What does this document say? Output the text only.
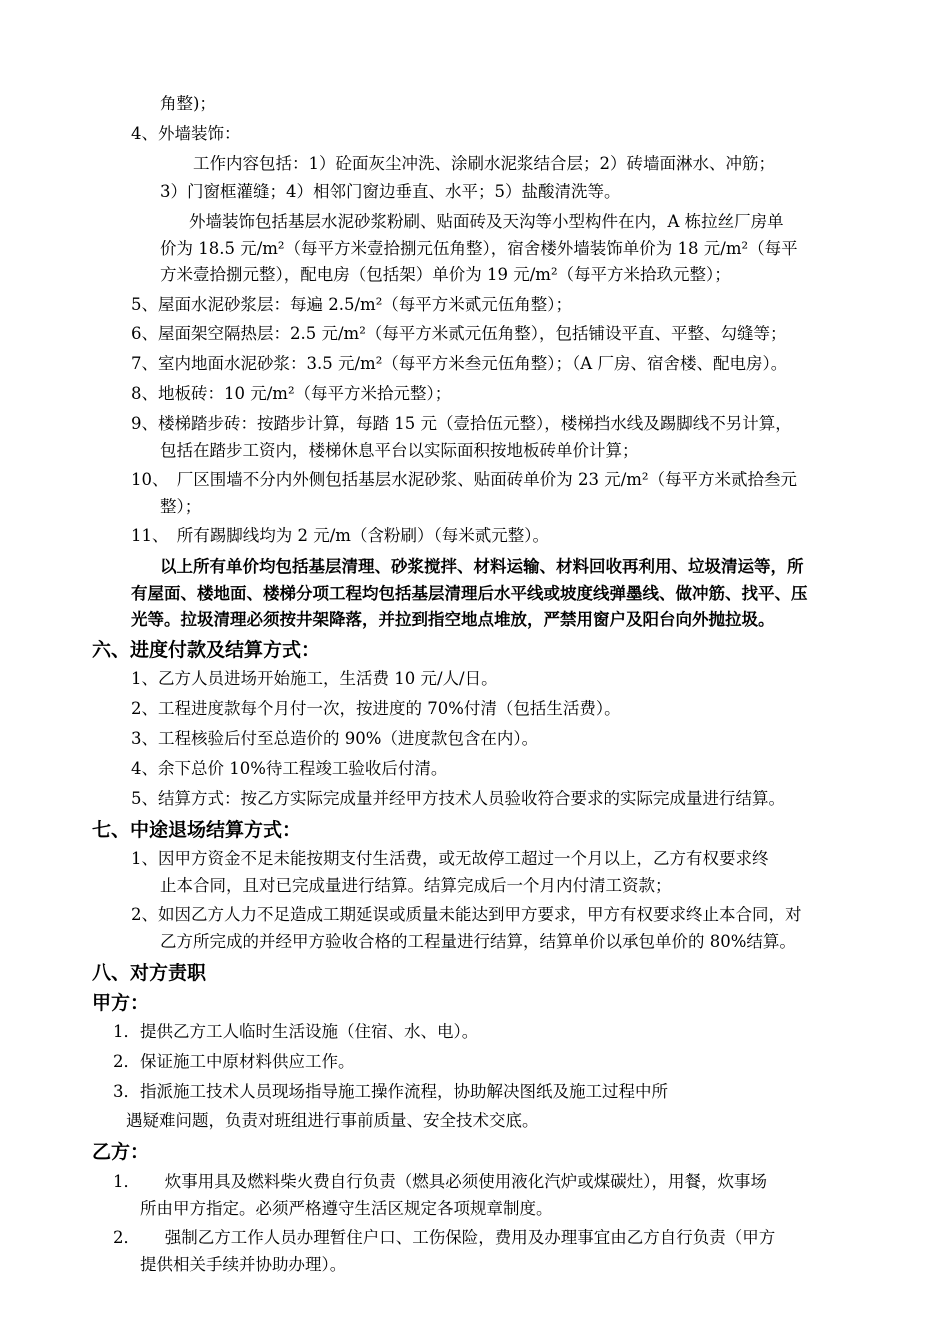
角整)；
4、外墙装饰：
工作内容包括：1）砼面灰尘冲洗、涂刷水泥浆结合层；2）砖墙面淋水、冲筋；
3）门窗框灌缝；4）相邻门窗边垂直、水平；5）盐酸清洗等。
外墙装饰包括基层水泥砂浆粉刷、贴面砖及天沟等小型构件在内，A 栋拉丝厂房单
价为 18.5 元/m²（每平方米壹拾捌元伍角整），宿舍楼外墙装饰单价为 18 元/m²（每平
方米壹拾捌元整），配电房（包括架）单价为 19 元/m²（每平方米拾玖元整）；
5、屋面水泥砂浆层：每遍 2.5/m²（每平方米贰元伍角整）；
6、屋面架空隔热层：2.5 元/m²（每平方米贰元伍角整），包括铺设平直、平整、勾缝等；
7、室内地面水泥砂浆：3.5 元/m²（每平方米叁元伍角整）；（A 厂房、宿舍楼、配电房）。
8、地板砖：10 元/m²（每平方米拾元整）；
9、楼梯踏步砖：按踏步计算，每踏 15 元（壹拾伍元整），楼梯挡水线及踢脚线不另计算，
包括在踏步工资内，楼梯休息平台以实际面积按地板砖单价计算；
10、　厂区围墙不分内外侧包括基层水泥砂浆、贴面砖单价为 23 元/m²（每平方米贰拾叁元
整）；
11、　所有踢脚线均为 2 元/m（含粉刷）（每米贰元整）。
以上所有单价均包括基层清理、砂浆搅拌、材料运输、材料回收再利用、垃圾清运等，所
有屋面、楼地面、楼梯分项工程均包括基层清理后水平线或坡度线弹墨线、做冲筋、找平、压
光等。拉圾清理必须按井架降落，并拉到指空地点堆放，严禁用窗户及阳台向外抛拉圾。
六、进度付款及结算方式：
1、乙方人员进场开始施工，生活费 10 元/人/日。
2、工程进度款每个月付一次，按进度的 70%付清（包括生活费）。
3、工程核验后付至总造价的 90%（进度款包含在内）。
4、余下总价 10%待工程竣工验收后付清。
5、结算方式：按乙方实际完成量并经甲方技术人员验收符合要求的实际完成量进行结算。
七、中途退场结算方式：
1、因甲方资金不足未能按期支付生活费，或无故停工超过一个月以上，乙方有权要求终
止本合同，且对已完成量进行结算。结算完成后一个月内付清工资款；
2、如因乙方人力不足造成工期延误或质量未能达到甲方要求，甲方有权要求终止本合同，对
乙方所完成的并经甲方验收合格的工程量进行结算，结算单价以承包单价的 80%结算。
八、对方责职
甲方：
1．提供乙方工人临时生活设施（住宿、水、电）。
2．保证施工中原材料供应工作。
3．指派施工技术人员现场指导施工操作流程，协助解决图纸及施工过程中所
遇疑难问题，负责对班组进行事前质量、安全技术交底。
乙方：
1．　　炊事用具及燃料柴火费自行负责（燃具必须使用液化汽炉或煤碳灶），用餐，炊事场
所由甲方指定。必须严格遵守生活区规定各项规章制度。
2．　　强制乙方工作人员办理暂住户口、工伤保险，费用及办理事宜由乙方自行负责（甲方
提供相关手续并协助办理）。
